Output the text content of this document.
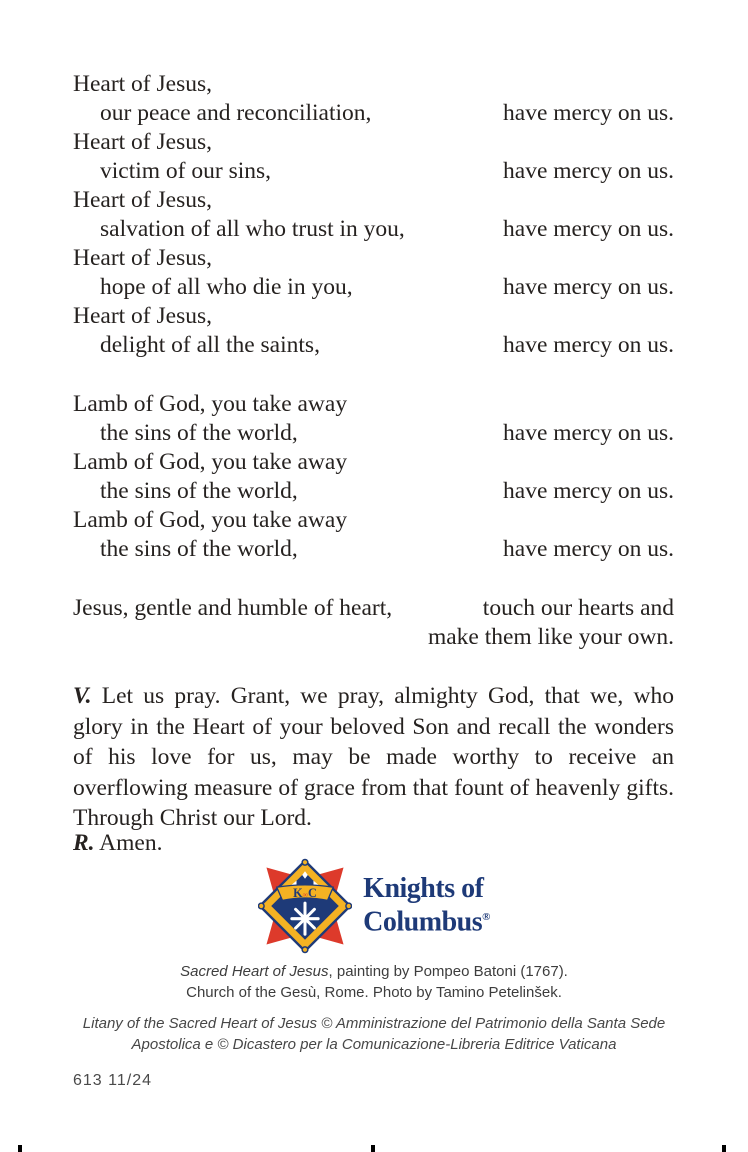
Heart of Jesus,
our peace and reconciliation,	have mercy on us.
Heart of Jesus,
victim of our sins,	have mercy on us.
Heart of Jesus,
salvation of all who trust in you,	have mercy on us.
Heart of Jesus,
hope of all who die in you,	have mercy on us.
Heart of Jesus,
delight of all the saints,	have mercy on us.
Lamb of God, you take away
the sins of the world,	have mercy on us.
Lamb of God, you take away
the sins of the world,	have mercy on us.
Lamb of God, you take away
the sins of the world,	have mercy on us.
Jesus, gentle and humble of heart,	touch our hearts and
make them like your own.
V. Let us pray. Grant, we pray, almighty God, that we, who glory in the Heart of your beloved Son and recall the wonders of his love for us, may be made worthy to receive an overflowing measure of grace from that fount of heavenly gifts. Through Christ our Lord.
R. Amen.
K∞C Knights of
Columbus®
Sacred Heart of Jesus, painting by Pompeo Batoni (1767).
Church of the Gesù, Rome. Photo by Tamino Petelinšek.
Litany of the Sacred Heart of Jesus © Amministrazione del Patrimonio della Santa Sede
Apostolica e © Dicastero per la Comunicazione-Libreria Editrice Vaticana
613 11/24
